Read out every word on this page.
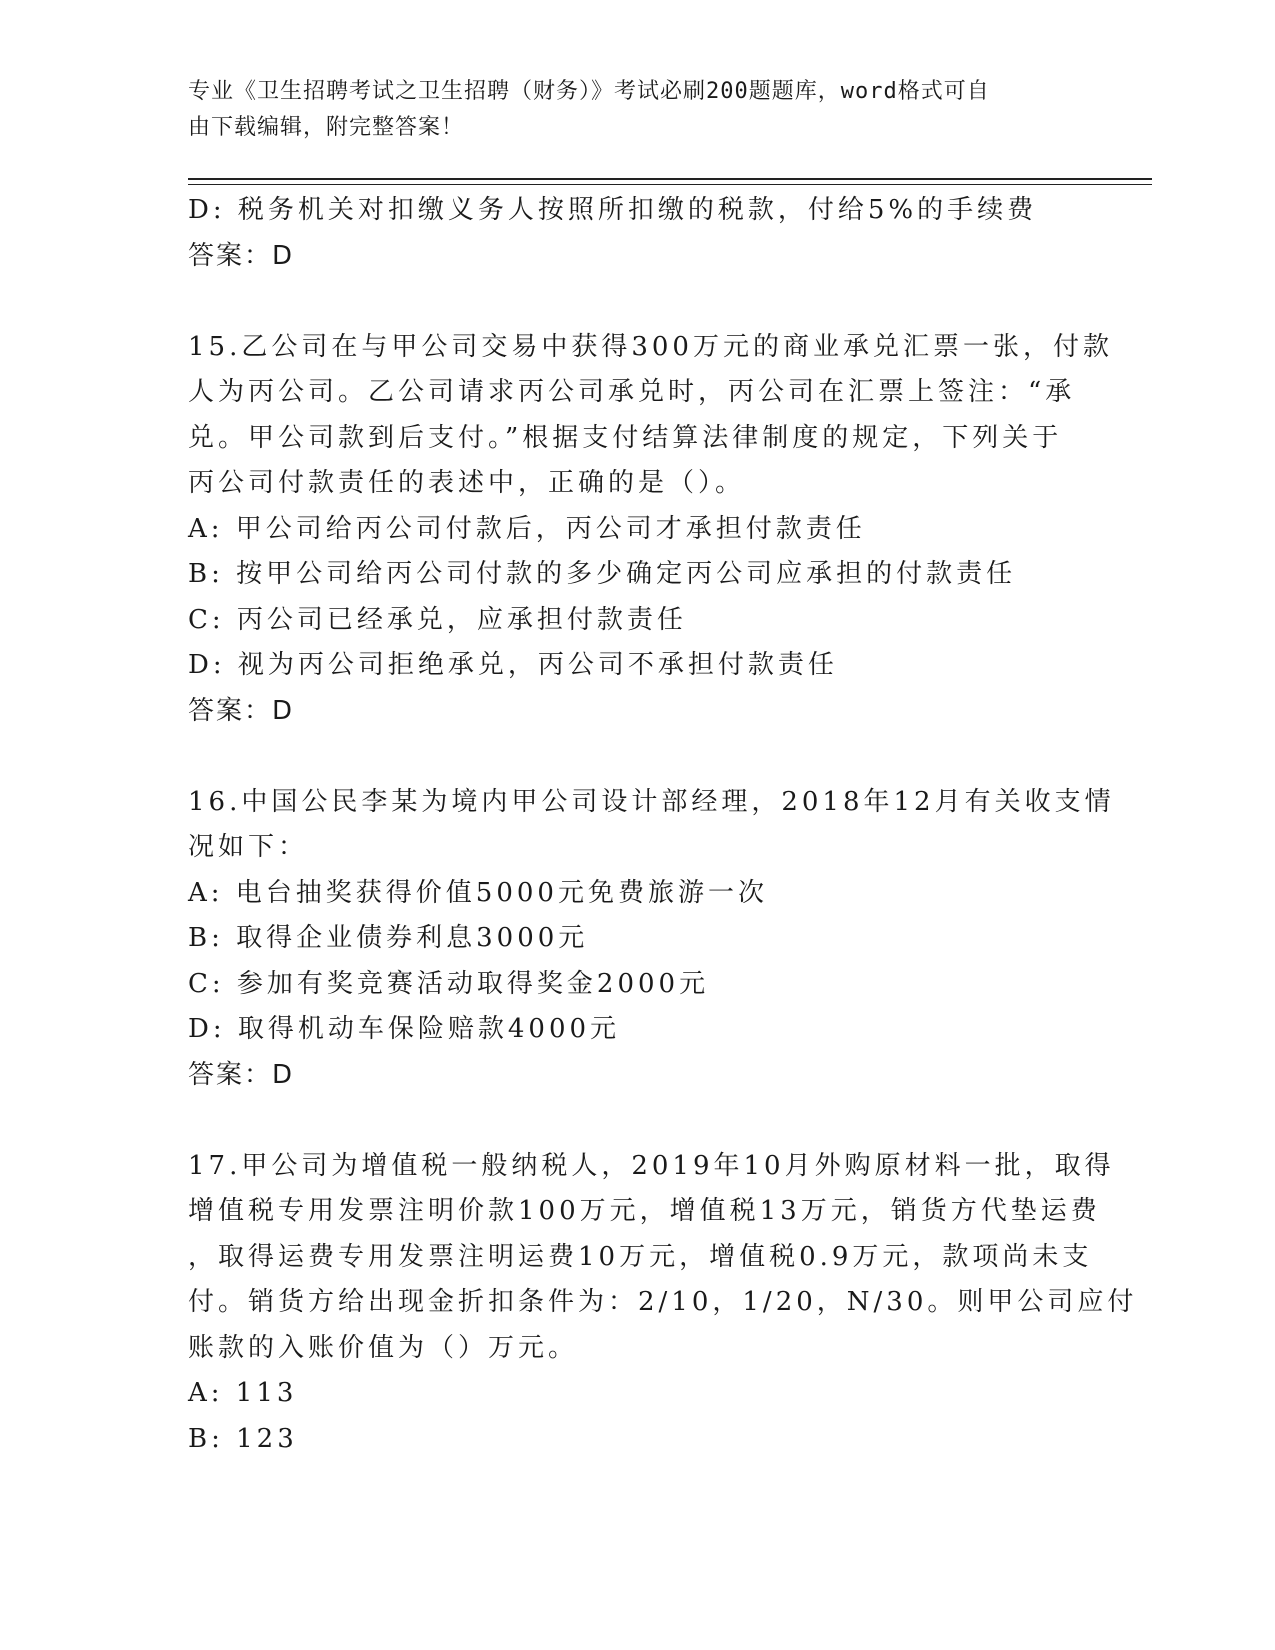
专业《卫生招聘考试之卫生招聘（财务）》考试必刷200题题库，word格式可自
由下载编辑，附完整答案！
D: 税务机关对扣缴义务人按照所扣缴的税款，付给5%的手续费
答案：D
15.乙公司在与甲公司交易中获得300万元的商业承兑汇票一张，付款
人为丙公司。乙公司请求丙公司承兑时，丙公司在汇票上签注：“承
兑。甲公司款到后支付。”根据支付结算法律制度的规定，下列关于
丙公司付款责任的表述中，正确的是（）。
A: 甲公司给丙公司付款后，丙公司才承担付款责任
B: 按甲公司给丙公司付款的多少确定丙公司应承担的付款责任
C: 丙公司已经承兑，应承担付款责任
D: 视为丙公司拒绝承兑，丙公司不承担付款责任
答案：D
16.中国公民李某为境内甲公司设计部经理，2018年12月有关收支情
况如下：
A: 电台抽奖获得价值5000元免费旅游一次
B: 取得企业债券利息3000元
C: 参加有奖竞赛活动取得奖金2000元
D: 取得机动车保险赔款4000元
答案：D
17.甲公司为增值税一般纳税人，2019年10月外购原材料一批，取得
增值税专用发票注明价款100万元，增值税13万元，销货方代垫运费
，取得运费专用发票注明运费10万元，增值税0.9万元，款项尚未支
付。销货方给出现金折扣条件为：2/10，1/20，N/30。则甲公司应付
账款的入账价值为（）万元。
A: 113
B: 123
